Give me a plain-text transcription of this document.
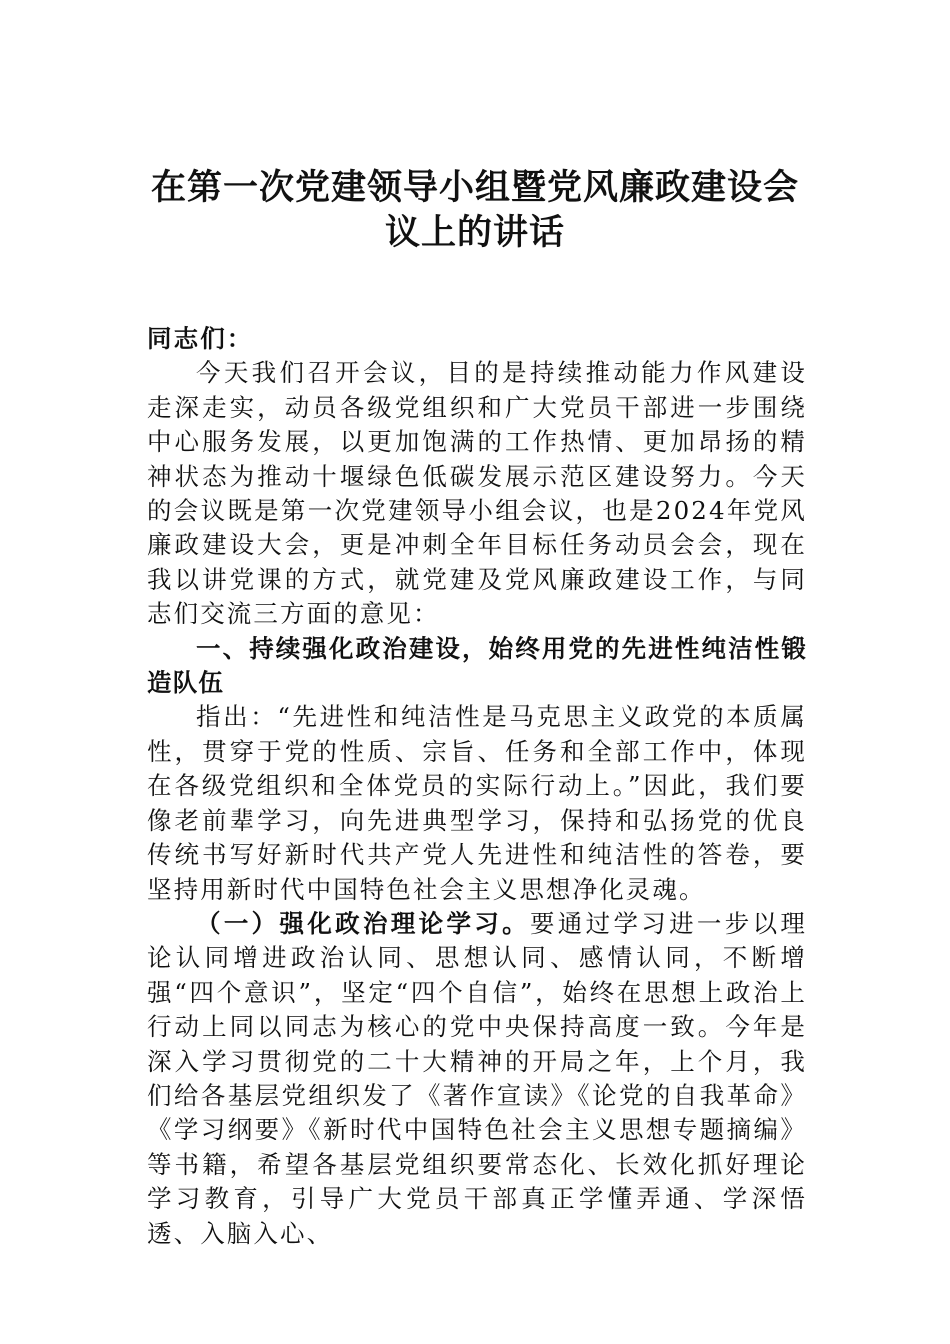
在第一次党建领导小组暨党风廉政建设会
议上的讲话

同志们：

今天我们召开会议，目的是持续推动能力作风建设走深走实，动员各级党组织和广大党员干部进一步围绕中心服务发展，以更加饱满的工作热情、更加昂扬的精神状态为推动十堰绿色低碳发展示范区建设努力。今天的会议既是第一次党建领导小组会议，也是2024年党风廉政建设大会，更是冲刺全年目标任务动员会会，现在我以讲党课的方式，就党建及党风廉政建设工作，与同志们交流三方面的意见：

一、持续强化政治建设，始终用党的先进性纯洁性锻造队伍

指出：“先进性和纯洁性是马克思主义政党的本质属性，贯穿于党的性质、宗旨、任务和全部工作中，体现在各级党组织和全体党员的实际行动上。”因此，我们要像老前辈学习，向先进典型学习，保持和弘扬党的优良传统书写好新时代共产党人先进性和纯洁性的答卷，要坚持用新时代中国特色社会主义思想净化灵魂。

（一）强化政治理论学习。要通过学习进一步以理论认同增进政治认同、思想认同、感情认同，不断增强“四个意识”，坚定“四个自信”，始终在思想上政治上行动上同以同志为核心的党中央保持高度一致。今年是深入学习贯彻党的二十大精神的开局之年，上个月，我们给各基层党组织发了《著作宣读》《论党的自我革命》《学习纲要》《新时代中国特色社会主义思想专题摘编》等书籍，希望各基层党组织要常态化、长效化抓好理论学习教育，引导广大党员干部真正学懂弄通、学深悟透、入脑入心、
